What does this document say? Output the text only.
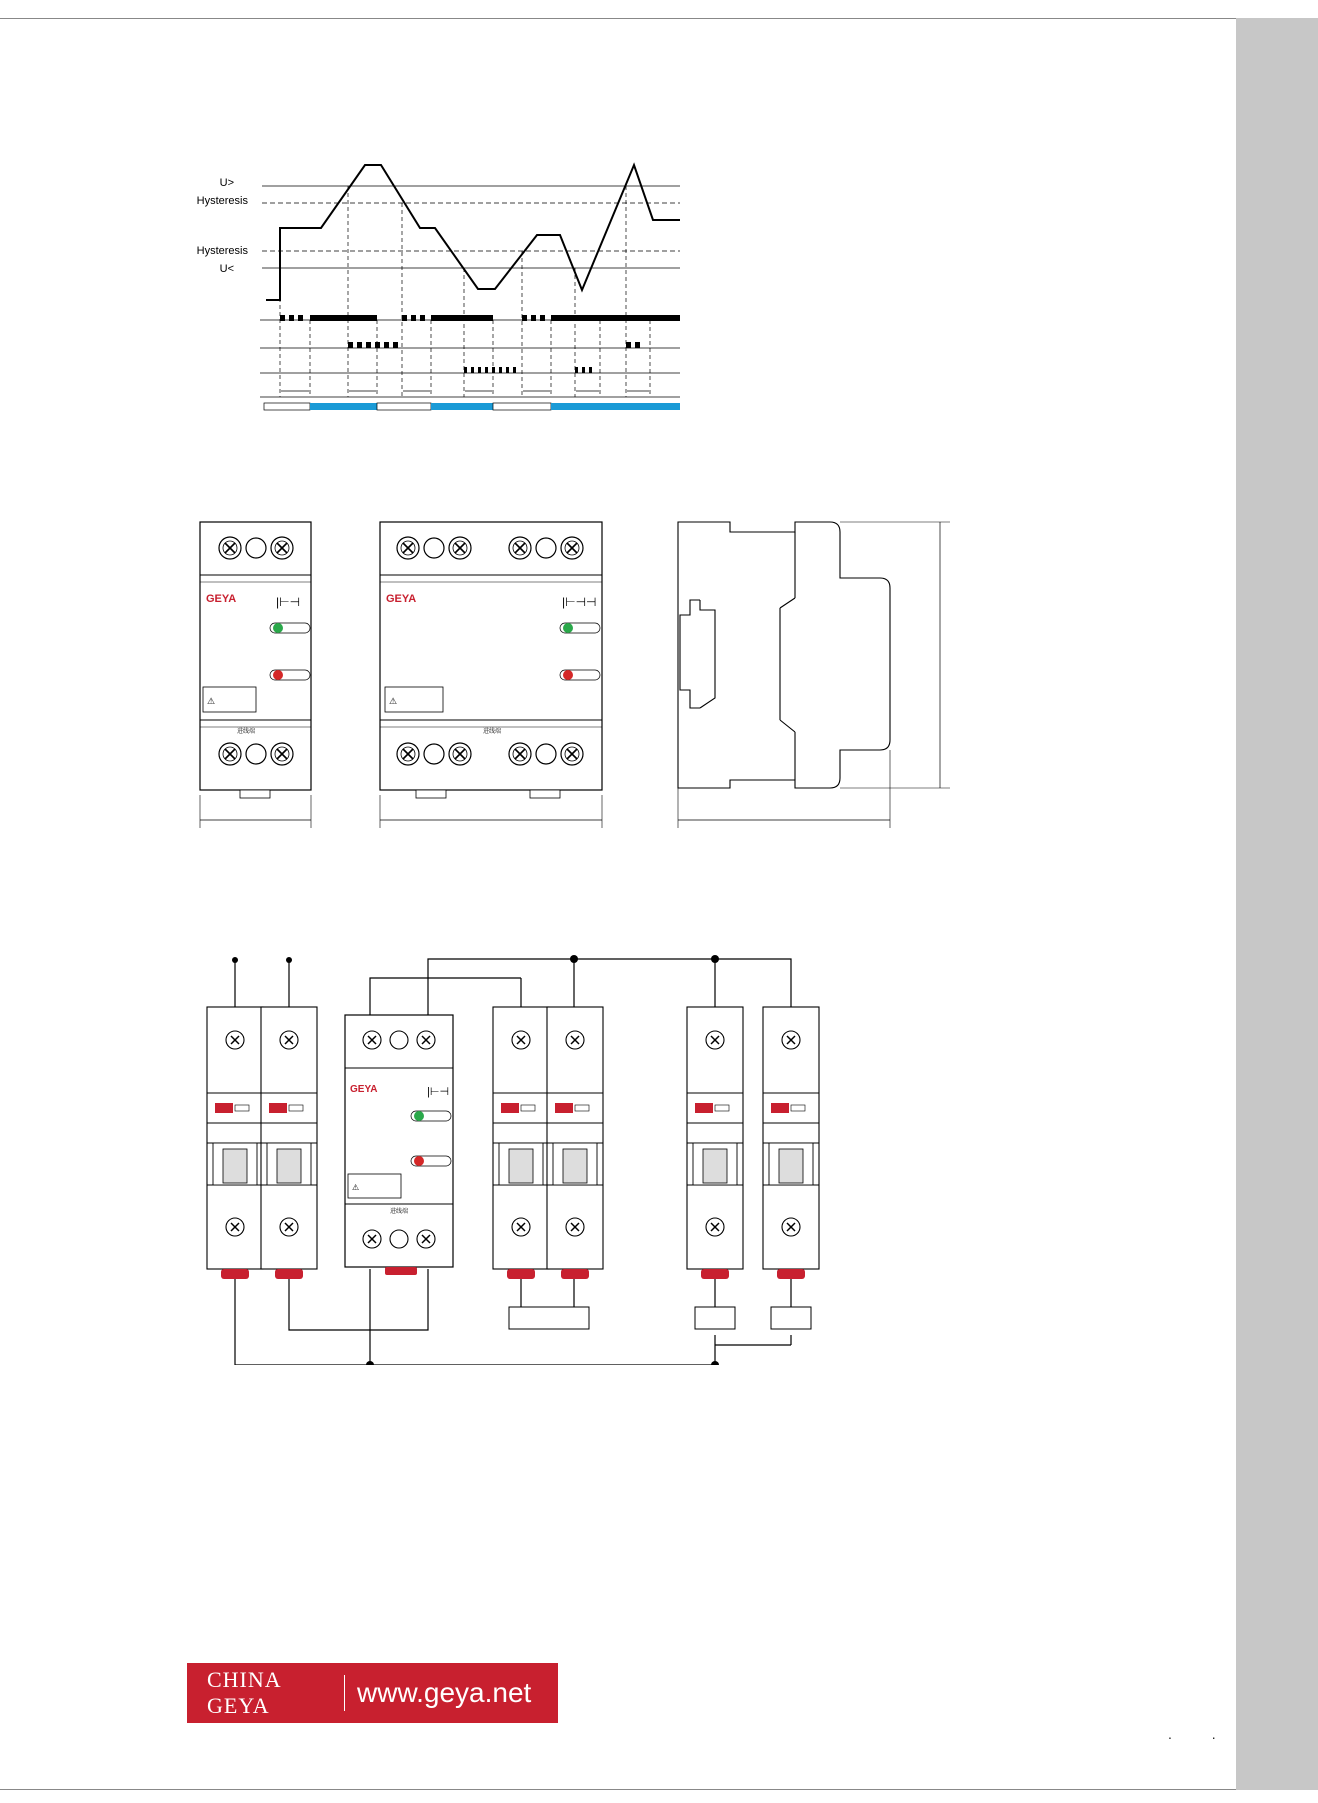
U>
Hysteresis
Hysteresis
U<
GEYA	|⊢⊣
⚠
进线端
GEYA	|⊢⊣⊣
⚠
进线端
GEYA	|⊢⊣
⚠
进线端
CHINA GEYA	www.geya.net
. .
